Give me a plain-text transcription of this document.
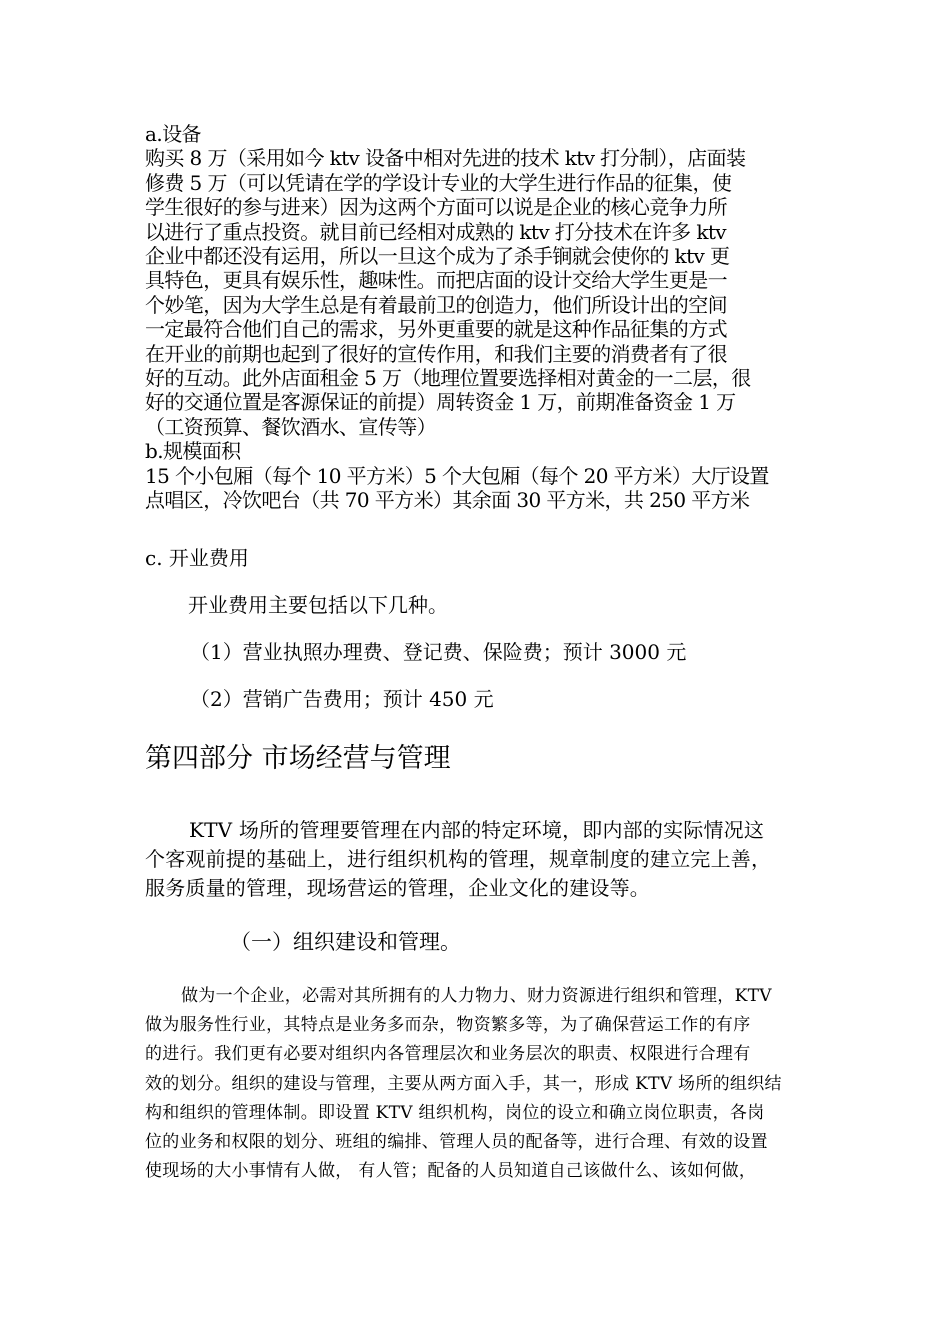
a.设备
购买 8 万（采用如今 ktv 设备中相对先进的技术 ktv 打分制），店面装
修费 5 万（可以凭请在学的学设计专业的大学生进行作品的征集，使
学生很好的参与进来）因为这两个方面可以说是企业的核心竞争力所
以进行了重点投资。就目前已经相对成熟的 ktv 打分技术在许多 ktv
企业中都还没有运用，所以一旦这个成为了杀手锏就会使你的 ktv 更
具特色，更具有娱乐性，趣味性。而把店面的设计交给大学生更是一
个妙笔，因为大学生总是有着最前卫的创造力，他们所设计出的空间
一定最符合他们自己的需求，另外更重要的就是这种作品征集的方式
在开业的前期也起到了很好的宣传作用，和我们主要的消费者有了很
好的互动。此外店面租金 5 万（地理位置要选择相对黄金的一二层，很
好的交通位置是客源保证的前提）周转资金 1 万，前期准备资金 1 万
（工资预算、餐饮酒水、宣传等）
b.规模面积
15 个小包厢（每个 10 平方米）5 个大包厢（每个 20 平方米）大厅设置
点唱区，冷饮吧台（共 70 平方米）其余面 30 平方米，共 250 平方米
c. 开业费用
开业费用主要包括以下几种。
（1）营业执照办理费、登记费、保险费；预计 3000 元
（2）营销广告费用；预计 450 元
第四部分 市场经营与管理
KTV 场所的管理要管理在内部的特定环境，即内部的实际情况这
个客观前提的基础上，进行组织机构的管理，规章制度的建立完上善，
服务质量的管理，现场营运的管理，企业文化的建设等。
（一）组织建设和管理。
做为一个企业，必需对其所拥有的人力物力、财力资源进行组织和管理，KTV
做为服务性行业，其特点是业务多而杂，物资繁多等，为了确保营运工作的有序
的进行。我们更有必要对组织内各管理层次和业务层次的职责、权限进行合理有
效的划分。组织的建设与管理，主要从两方面入手，其一，形成 KTV 场所的组织结
构和组织的管理体制。即设置 KTV 组织机构，岗位的设立和确立岗位职责，各岗
位的业务和权限的划分、班组的编排、管理人员的配备等，进行合理、有效的设置
使现场的大小事情有人做， 有人管；配备的人员知道自己该做什么、该如何做，
